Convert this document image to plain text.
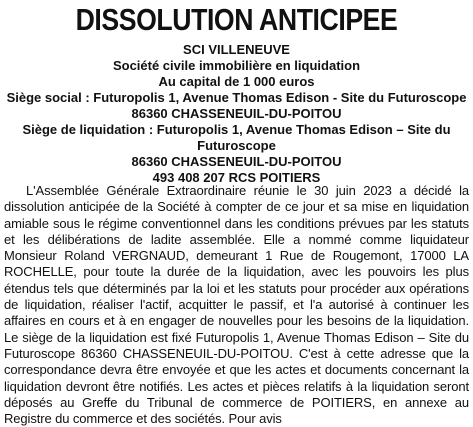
DISSOLUTION ANTICIPEE
SCI VILLENEUVE
Société civile immobilière en liquidation
Au capital de 1 000 euros
Siège social : Futuropolis 1, Avenue Thomas Edison - Site du Futuroscope
86360 CHASSENEUIL-DU-POITOU
Siège de liquidation : Futuropolis 1, Avenue Thomas Edison – Site du
Futuroscope
86360 CHASSENEUIL-DU-POITOU
493 408 207 RCS POITIERS
L'Assemblée Générale Extraordinaire réunie le 30 juin 2023 a décidé la dissolution anticipée de la Société à compter de ce jour et sa mise en liquidation amiable sous le régime conventionnel dans les conditions prévues par les statuts et les délibérations de ladite assemblée. Elle a nommé comme liquidateur Monsieur Roland VERGNAUD, demeurant 1 Rue de Rougemont, 17000 LA ROCHELLE, pour toute la durée de la liquidation, avec les pouvoirs les plus étendus tels que déterminés par la loi et les statuts pour procéder aux opérations de liquidation, réaliser l'actif, acquitter le passif, et l'a autorisé à continuer les affaires en cours et à en engager de nouvelles pour les besoins de la liquidation. Le siège de la liquidation est fixé Futuropolis 1, Avenue Thomas Edison – Site du Futuroscope 86360 CHASSENEUIL-DU-POITOU. C'est à cette adresse que la correspondance devra être envoyée et que les actes et documents concernant la liquidation devront être notifiés. Les actes et pièces relatifs à la liquidation seront déposés au Greffe du Tribunal de commerce de POITIERS, en annexe au Registre du commerce et des sociétés. Pour avis
